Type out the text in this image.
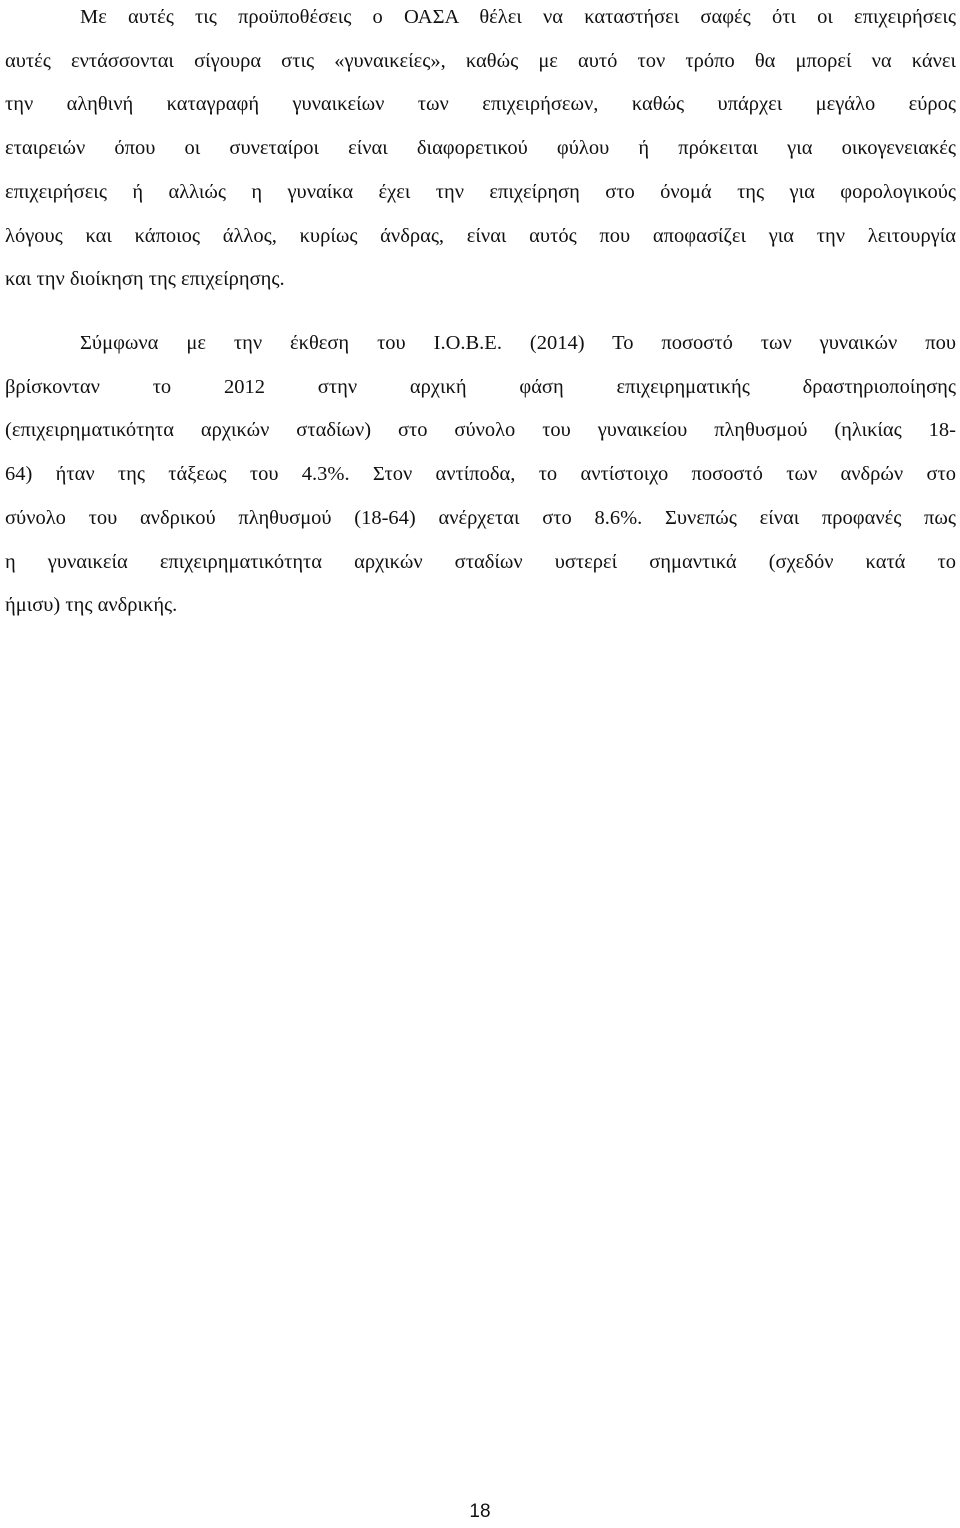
Με αυτές τις προϋποθέσεις ο ΟΑΣΑ θέλει να καταστήσει σαφές ότι οι επιχειρήσεις
αυτές εντάσσονται σίγουρα στις «γυναικείες», καθώς με αυτό τον τρόπο θα μπορεί να κάνει
την αληθινή καταγραφή γυναικείων των επιχειρήσεων, καθώς υπάρχει μεγάλο εύρος
εταιρειών όπου οι συνεταίροι είναι διαφορετικού φύλου ή πρόκειται για οικογενειακές
επιχειρήσεις ή αλλιώς η γυναίκα έχει την επιχείρηση στο όνομά της για φορολογικούς
λόγους και κάποιος άλλος, κυρίως άνδρας, είναι αυτός που αποφασίζει για την λειτουργία
και την διοίκηση της επιχείρησης.

Σύμφωνα με την έκθεση του Ι.Ο.Β.Ε. (2014) Το ποσοστό των γυναικών που
βρίσκονταν το 2012 στην αρχική φάση επιχειρηματικής δραστηριοποίησης
(επιχειρηματικότητα αρχικών σταδίων) στο σύνολο του γυναικείου πληθυσμού (ηλικίας 18-
64) ήταν της τάξεως του 4.3%. Στον αντίποδα, το αντίστοιχο ποσοστό των ανδρών στο
σύνολο του ανδρικού πληθυσμού (18-64) ανέρχεται στο 8.6%. Συνεπώς είναι προφανές πως
η γυναικεία επιχειρηματικότητα αρχικών σταδίων υστερεί σημαντικά (σχεδόν κατά το
ήμισυ) της ανδρικής.

18
